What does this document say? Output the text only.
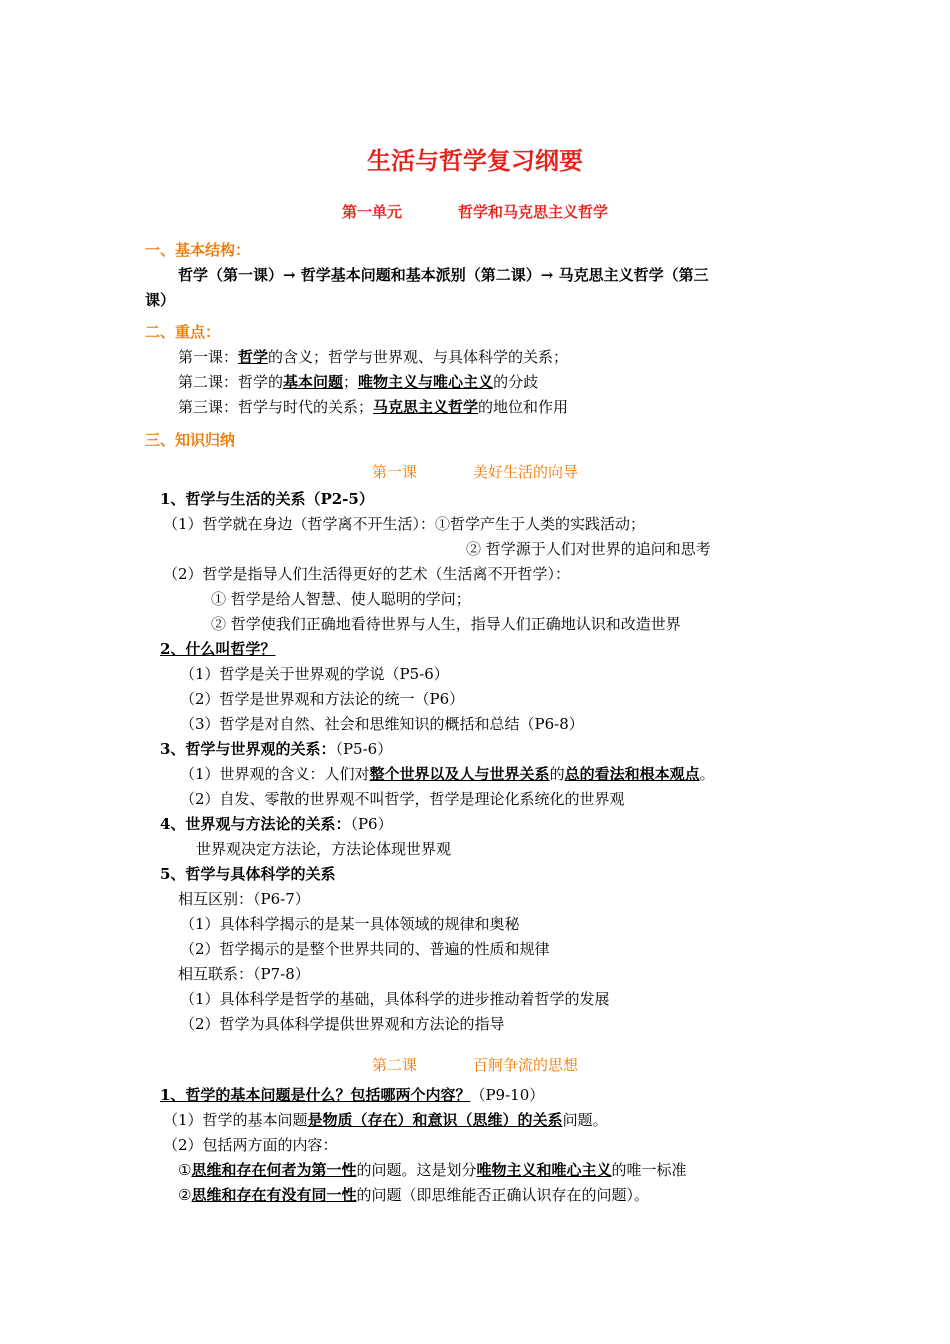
生活与哲学复习纲要
第一单元	哲学和马克思主义哲学
一、基本结构：
哲学（第一课）→ 哲学基本问题和基本派别（第二课）→ 马克思主义哲学（第三
课）
二、重点：
第一课：哲学的含义；哲学与世界观、与具体科学的关系；
第二课：哲学的基本问题；唯物主义与唯心主义的分歧
第三课：哲学与时代的关系；马克思主义哲学的地位和作用
三、知识归纳
第一课	美好生活的向导
1、哲学与生活的关系（P2-5）
（1）哲学就在身边（哲学离不开生活）：①哲学产生于人类的实践活动；
② 哲学源于人们对世界的追问和思考
（2）哲学是指导人们生活得更好的艺术（生活离不开哲学）：
① 哲学是给人智慧、使人聪明的学问；
② 哲学使我们正确地看待世界与人生，指导人们正确地认识和改造世界
2、什么叫哲学？
（1）哲学是关于世界观的学说（P5-6）
（2）哲学是世界观和方法论的统一（P6）
（3）哲学是对自然、社会和思维知识的概括和总结（P6-8）
3、哲学与世界观的关系：（P5-6）
（1）世界观的含义：人们对整个世界以及人与世界关系的总的看法和根本观点。
（2）自发、零散的世界观不叫哲学，哲学是理论化系统化的世界观
4、世界观与方法论的关系：（P6）
世界观决定方法论，方法论体现世界观
5、哲学与具体科学的关系
相互区别：（P6-7）
（1）具体科学揭示的是某一具体领域的规律和奥秘
（2）哲学揭示的是整个世界共同的、普遍的性质和规律
相互联系：（P7-8）
（1）具体科学是哲学的基础，具体科学的进步推动着哲学的发展
（2）哲学为具体科学提供世界观和方法论的指导
第二课	百舸争流的思想
1、哲学的基本问题是什么？包括哪两个内容？（P9-10）
（1）哲学的基本问题是物质（存在）和意识（思维）的关系问题。
（2）包括两方面的内容：
①思维和存在何者为第一性的问题。这是划分唯物主义和唯心主义的唯一标准
②思维和存在有没有同一性的问题（即思维能否正确认识存在的问题）。
